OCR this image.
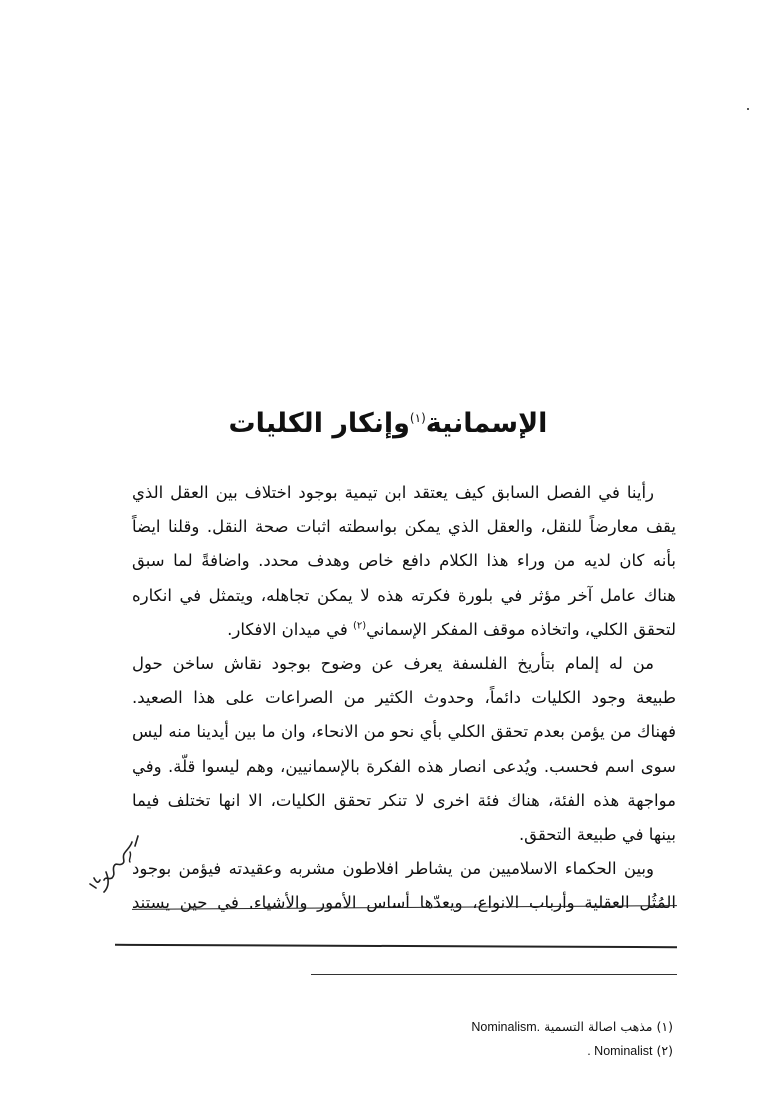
الإسمانية$^{(١)}$وإنكار الكليات
رأينا في الفصل السابق كيف يعتقد ابن تيمية بوجود اختلاف بين العقل الذي
يقف معارضاً للنقل، والعقل الذي يمكن بواسطته اثبات صحة النقل. وقلنا ايضاً
بأنه كان لديه من وراء هذا الكلام دافع خاص وهدف محدد. واضافةً لما سبق
هناك عامل آخر مؤثر في بلورة فكرته هذه لا يمكن تجاهله، ويتمثل في انكاره
لتحقق الكلي، واتخاذه موقف المفكر الإسماني$^{(٢)}$ في ميدان الافكار.
من له إلمام بتأريخ الفلسفة يعرف عن وضوح بوجود نقاش ساخن حول
طبيعة وجود الكليات دائماً، وحدوث الكثير من الصراعات على هذا الصعيد.
فهناك من يؤمن بعدم تحقق الكلي بأي نحو من الانحاء، وان ما بين أيدينا منه ليس
سوى اسم فحسب. ويُدعى انصار هذه الفكرة بالإسمانيين، وهم ليسوا قلّة. وفي
مواجهة هذه الفئة، هناك فئة اخرى لا تنكر تحقق الكليات، الا انها تختلف فيما
بينها في طبيعة التحقق.
وبين الحكماء الاسلاميين من يشاطر افلاطون مشربه وعقيدته فيؤمن بوجود
المُثُل العقلية وأرباب الانواع، ويعدّها أساس الأمور والأشياء. في حين يستند
(١) مذهب اصالة التسمية Nominalism.
(٢) . Nominalist
